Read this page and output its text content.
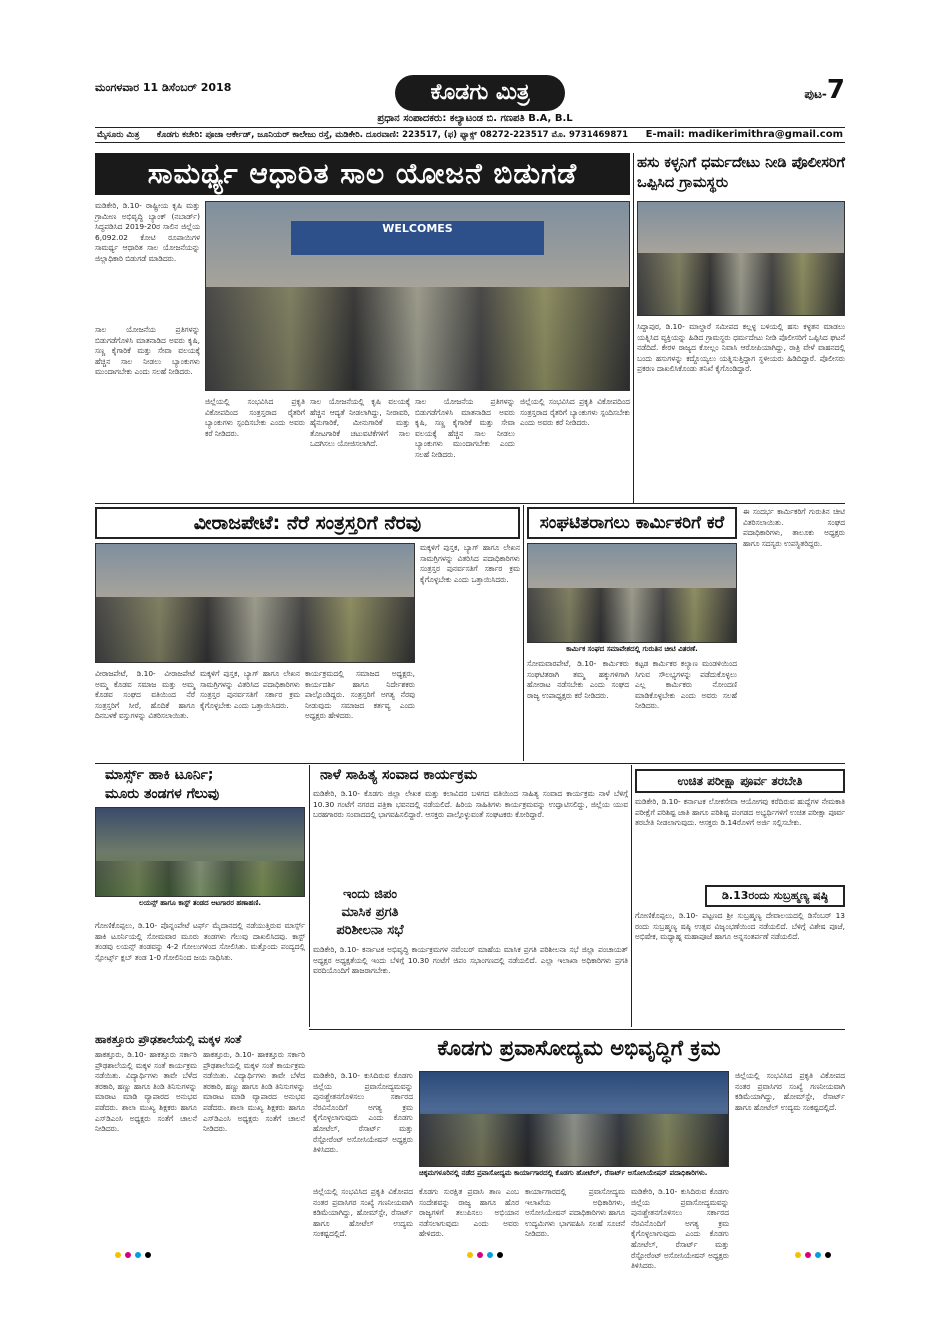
ಮಂಗಳವಾರ 11 ಡಿಸೆಂಬರ್ 2018	ಕೊಡಗು ಮಿತ್ರ
ಪ್ರಧಾನ ಸಂಪಾದಕರು: ಕಲ್ಯಾಟಂಡ ಬಿ. ಗಣಪತಿ B.A, B.L
ಪುಟ-7
ಮೈಸೂರು ಮಿತ್ರ ಕೊಡಗು ಕಚೇರಿ: ಪೂಜಾ ಆರ್ಕೇಡ್, ಜೂನಿಯರ್ ಕಾಲೇಜು ರಸ್ತೆ, ಮಡಿಕೇರಿ. ದೂರವಾಣಿ: 223517, (ಫ) ಫ್ಯಾಕ್ಸ್ 08272-223517 ಮೊ. 9731469871 E-mail: madikerimithra@gmail.com
ಸಾಮರ್ಥ್ಯ ಆಧಾರಿತ ಸಾಲ ಯೋಜನೆ ಬಿಡುಗಡೆ	ಹಸು ಕಳ್ಳನಿಗೆ ಧರ್ಮದೇಟು ನೀಡಿ ಪೊಲೀಸರಿಗೆ ಒಪ್ಪಿಸಿದ ಗ್ರಾಮಸ್ಥರು
ಮಡಿಕೇರಿ, ಡಿ.10- ರಾಷ್ಟ್ರೀಯ ಕೃಷಿ ಮತ್ತು ಗ್ರಾಮೀಣ ಅಭಿವೃದ್ಧಿ ಬ್ಯಾಂಕ್ (ನಬಾರ್ಡ್) ಸಿದ್ಧಪಡಿಸಿದ 2019-20ರ ಸಾಲಿನ ಜಿಲ್ಲೆಯ 6,092.02 ಕೋಟಿ ರೂಪಾಯಿಗಳ ಸಾಮರ್ಥ್ಯ ಆಧಾರಿತ ಸಾಲ ಯೋಜನೆಯನ್ನು ಜಿಲ್ಲಾಧಿಕಾರಿ ಬಿಡುಗಡೆ ಮಾಡಿದರು.
ಸಾಲ ಯೋಜನೆಯ ಪ್ರತಿಗಳನ್ನು ಬಿಡುಗಡೆಗೊಳಿಸಿ ಮಾತನಾಡಿದ ಅವರು ಕೃಷಿ, ಸಣ್ಣ ಕೈಗಾರಿಕೆ ಮತ್ತು ಸೇವಾ ವಲಯಕ್ಕೆ ಹೆಚ್ಚಿನ ಸಾಲ ನೀಡಲು ಬ್ಯಾಂಕುಗಳು ಮುಂದಾಗಬೇಕು ಎಂದು ಸಲಹೆ ನೀಡಿದರು.
WELCOMES
ಜಿಲ್ಲೆಯಲ್ಲಿ ಸಂಭವಿಸಿದ ಪ್ರಕೃತಿ ವಿಕೋಪದಿಂದ ಸಂತ್ರಸ್ತರಾದ ರೈತರಿಗೆ ಬ್ಯಾಂಕುಗಳು ಸ್ಪಂದಿಸಬೇಕು ಎಂದು ಅವರು ಕರೆ ನೀಡಿದರು.
ಸಾಲ ಯೋಜನೆಯಲ್ಲಿ ಕೃಷಿ ವಲಯಕ್ಕೆ ಹೆಚ್ಚಿನ ಆದ್ಯತೆ ನೀಡಲಾಗಿದ್ದು, ನೀರಾವರಿ, ಹೈನುಗಾರಿಕೆ, ಮೀನುಗಾರಿಕೆ ಮತ್ತು ತೋಟಗಾರಿಕೆ ಚಟುವಟಿಕೆಗಳಿಗೆ ಸಾಲ ಒದಗಿಸಲು ಯೋಜಿಸಲಾಗಿದೆ.
ಸಾಲ ಯೋಜನೆಯ ಪ್ರತಿಗಳನ್ನು ಬಿಡುಗಡೆಗೊಳಿಸಿ ಮಾತನಾಡಿದ ಅವರು ಕೃಷಿ, ಸಣ್ಣ ಕೈಗಾರಿಕೆ ಮತ್ತು ಸೇವಾ ವಲಯಕ್ಕೆ ಹೆಚ್ಚಿನ ಸಾಲ ನೀಡಲು ಬ್ಯಾಂಕುಗಳು ಮುಂದಾಗಬೇಕು ಎಂದು ಸಲಹೆ ನೀಡಿದರು.
ಜಿಲ್ಲೆಯಲ್ಲಿ ಸಂಭವಿಸಿದ ಪ್ರಕೃತಿ ವಿಕೋಪದಿಂದ ಸಂತ್ರಸ್ತರಾದ ರೈತರಿಗೆ ಬ್ಯಾಂಕುಗಳು ಸ್ಪಂದಿಸಬೇಕು ಎಂದು ಅವರು ಕರೆ ನೀಡಿದರು.
ಸಿದ್ದಾಪುರ, ಡಿ.10- ಮಾಲ್ದಾರೆ ಸಮೀಪದ ಕಲ್ಲಳ್ಳ ಬಳಿಯಲ್ಲಿ ಹಸು ಕಳ್ಳತನ ಮಾಡಲು ಯತ್ನಿಸಿದ ವ್ಯಕ್ತಿಯನ್ನು ಹಿಡಿದ ಗ್ರಾಮಸ್ಥರು ಧರ್ಮದೇಟು ನೀಡಿ ಪೊಲೀಸರಿಗೆ ಒಪ್ಪಿಸಿದ ಘಟನೆ ನಡೆದಿದೆ. ಕೇರಳ ರಾಜ್ಯದ ಕೋಲ್ಲಂ ನಿವಾಸಿ ಆರೋಪಿಯಾಗಿದ್ದು, ರಾತ್ರಿ ವೇಳೆ ವಾಹನದಲ್ಲಿ ಬಂದು ಹಸುಗಳನ್ನು ಕದ್ದೊಯ್ಯಲು ಯತ್ನಿಸುತ್ತಿದ್ದಾಗ ಸ್ಥಳೀಯರು ಹಿಡಿದಿದ್ದಾರೆ. ಪೊಲೀಸರು ಪ್ರಕರಣ ದಾಖಲಿಸಿಕೊಂಡು ತನಿಖೆ ಕೈಗೊಂಡಿದ್ದಾರೆ.
ವೀರಾಜಪೇಟೆ: ನೆರೆ ಸಂತ್ರಸ್ತರಿಗೆ ನೆರವು
ವೀರಾಜಪೇಟೆ, ಡಿ.10- ವೀರಾಜಪೇಟೆ ಅಮ್ಮ ಕೊಡವ ಸಮಾಜ ಮತ್ತು ಅಮ್ಮ ಕೊಡವ ಸಂಘದ ವತಿಯಿಂದ ನೆರೆ ಸಂತ್ರಸ್ತರಿಗೆ ಸೀರೆ, ಹೊದಿಕೆ ಹಾಗೂ ದಿನಬಳಕೆ ವಸ್ತುಗಳನ್ನು ವಿತರಿಸಲಾಯಿತು.
ಮಕ್ಕಳಿಗೆ ಪುಸ್ತಕ, ಬ್ಯಾಗ್ ಹಾಗೂ ಲೇಖನ ಸಾಮಗ್ರಿಗಳನ್ನು ವಿತರಿಸಿದ ಪದಾಧಿಕಾರಿಗಳು ಸಂತ್ರಸ್ತರ ಪುನರ್ವಸತಿಗೆ ಸರ್ಕಾರ ಕ್ರಮ ಕೈಗೊಳ್ಳಬೇಕು ಎಂದು ಒತ್ತಾಯಿಸಿದರು.
ಕಾರ್ಯಕ್ರಮದಲ್ಲಿ ಸಮಾಜದ ಅಧ್ಯಕ್ಷರು, ಕಾರ್ಯದರ್ಶಿ ಹಾಗೂ ನಿರ್ದೇಶಕರು ಪಾಲ್ಗೊಂಡಿದ್ದರು. ಸಂತ್ರಸ್ತರಿಗೆ ಅಗತ್ಯ ನೆರವು ನೀಡುವುದು ಸಮಾಜದ ಕರ್ತವ್ಯ ಎಂದು ಅಧ್ಯಕ್ಷರು ಹೇಳಿದರು.
ಮಕ್ಕಳಿಗೆ ಪುಸ್ತಕ, ಬ್ಯಾಗ್ ಹಾಗೂ ಲೇಖನ ಸಾಮಗ್ರಿಗಳನ್ನು ವಿತರಿಸಿದ ಪದಾಧಿಕಾರಿಗಳು ಸಂತ್ರಸ್ತರ ಪುನರ್ವಸತಿಗೆ ಸರ್ಕಾರ ಕ್ರಮ ಕೈಗೊಳ್ಳಬೇಕು ಎಂದು ಒತ್ತಾಯಿಸಿದರು.
ಸಂಘಟಿತರಾಗಲು ಕಾರ್ಮಿಕರಿಗೆ ಕರೆ
ಕಾರ್ಮಿಕ ಸಂಘದ ಸಮಾವೇಶದಲ್ಲಿ ಗುರುತಿನ ಚೀಟಿ ವಿತರಣೆ.
ಸೋಮವಾರಪೇಟೆ, ಡಿ.10- ಕಾರ್ಮಿಕರು ಸಂಘಟಿತರಾಗಿ ತಮ್ಮ ಹಕ್ಕುಗಳಿಗಾಗಿ ಹೋರಾಟ ನಡೆಸಬೇಕು ಎಂದು ಸಂಘದ ರಾಜ್ಯ ಉಪಾಧ್ಯಕ್ಷರು ಕರೆ ನೀಡಿದರು.
ಕಟ್ಟಡ ಕಾರ್ಮಿಕರ ಕಲ್ಯಾಣ ಮಂಡಳಿಯಿಂದ ಸಿಗುವ ಸೌಲಭ್ಯಗಳನ್ನು ಪಡೆದುಕೊಳ್ಳಲು ಎಲ್ಲ ಕಾರ್ಮಿಕರು ನೋಂದಣಿ ಮಾಡಿಕೊಳ್ಳಬೇಕು ಎಂದು ಅವರು ಸಲಹೆ ನೀಡಿದರು.
ಈ ಸಂದರ್ಭ ಕಾರ್ಮಿಕರಿಗೆ ಗುರುತಿನ ಚೀಟಿ ವಿತರಿಸಲಾಯಿತು. ಸಂಘದ ಪದಾಧಿಕಾರಿಗಳು, ತಾಲೂಕು ಅಧ್ಯಕ್ಷರು ಹಾಗೂ ಸದಸ್ಯರು ಉಪಸ್ಥಿತರಿದ್ದರು.
ಮಾರ್ಸ್ಸ್ ಹಾಕಿ ಟೂರ್ನಿ;
ಮೂರು ತಂಡಗಳ ಗೆಲುವು
ಲಯನ್ಸ್ ಹಾಗೂ ಕಾಸ್ಟ್ ತಂಡದ ಆಟಗಾರರ ಹಣಾಹಣಿ.
ಗೋಣಿಕೊಪ್ಪಲು, ಡಿ.10- ಪೊನ್ನಂಪೇಟೆ ಟರ್ಫ್ ಮೈದಾನದಲ್ಲಿ ನಡೆಯುತ್ತಿರುವ ಮಾರ್ಸ್ಸ್ ಹಾಕಿ ಟೂರ್ನಿಯಲ್ಲಿ ಸೋಮವಾರ ಮೂರು ತಂಡಗಳು ಗೆಲುವು ದಾಖಲಿಸಿದವು. ಕಾಸ್ಟ್ ತಂಡವು ಲಯನ್ಸ್ ತಂಡವನ್ನು 4-2 ಗೋಲುಗಳಿಂದ ಸೋಲಿಸಿತು. ಮತ್ತೊಂದು ಪಂದ್ಯದಲ್ಲಿ ಸ್ಪೋರ್ಟ್ಸ್ ಕ್ಲಬ್ ತಂಡ 1-0 ಗೋಲಿನಿಂದ ಜಯ ಸಾಧಿಸಿತು.
ಹಾಕತ್ತೂರು ಪ್ರೌಢಶಾಲೆಯಲ್ಲಿ ಮಕ್ಕಳ ಸಂತೆ
ಹಾಕತ್ತೂರು, ಡಿ.10- ಹಾಕತ್ತೂರು ಸರ್ಕಾರಿ ಪ್ರೌಢಶಾಲೆಯಲ್ಲಿ ಮಕ್ಕಳ ಸಂತೆ ಕಾರ್ಯಕ್ರಮ ನಡೆಯಿತು. ವಿದ್ಯಾರ್ಥಿಗಳು ತಾವೇ ಬೆಳೆದ ತರಕಾರಿ, ಹಣ್ಣು ಹಾಗೂ ತಿಂಡಿ ತಿನಿಸುಗಳನ್ನು ಮಾರಾಟ ಮಾಡಿ ವ್ಯಾಪಾರದ ಅನುಭವ ಪಡೆದರು. ಶಾಲಾ ಮುಖ್ಯ ಶಿಕ್ಷಕರು ಹಾಗೂ ಎಸ್‌ಡಿಎಂಸಿ ಅಧ್ಯಕ್ಷರು ಸಂತೆಗೆ ಚಾಲನೆ ನೀಡಿದರು.
ಹಾಕತ್ತೂರು, ಡಿ.10- ಹಾಕತ್ತೂರು ಸರ್ಕಾರಿ ಪ್ರೌಢಶಾಲೆಯಲ್ಲಿ ಮಕ್ಕಳ ಸಂತೆ ಕಾರ್ಯಕ್ರಮ ನಡೆಯಿತು. ವಿದ್ಯಾರ್ಥಿಗಳು ತಾವೇ ಬೆಳೆದ ತರಕಾರಿ, ಹಣ್ಣು ಹಾಗೂ ತಿಂಡಿ ತಿನಿಸುಗಳನ್ನು ಮಾರಾಟ ಮಾಡಿ ವ್ಯಾಪಾರದ ಅನುಭವ ಪಡೆದರು. ಶಾಲಾ ಮುಖ್ಯ ಶಿಕ್ಷಕರು ಹಾಗೂ ಎಸ್‌ಡಿಎಂಸಿ ಅಧ್ಯಕ್ಷರು ಸಂತೆಗೆ ಚಾಲನೆ ನೀಡಿದರು.
ನಾಳೆ ಸಾಹಿತ್ಯ ಸಂವಾದ ಕಾರ್ಯಕ್ರಮ
ಮಡಿಕೇರಿ, ಡಿ.10- ಕೊಡಗು ಜಿಲ್ಲಾ ಲೇಖಕ ಮತ್ತು ಕಲಾವಿದರ ಬಳಗದ ವತಿಯಿಂದ ಸಾಹಿತ್ಯ ಸಂವಾದ ಕಾರ್ಯಕ್ರಮ ನಾಳೆ ಬೆಳಿಗ್ಗೆ 10.30 ಗಂಟೆಗೆ ನಗರದ ಪತ್ರಿಕಾ ಭವನದಲ್ಲಿ ನಡೆಯಲಿದೆ. ಹಿರಿಯ ಸಾಹಿತಿಗಳು ಕಾರ್ಯಕ್ರಮವನ್ನು ಉದ್ಘಾಟಿಸಲಿದ್ದು, ಜಿಲ್ಲೆಯ ಯುವ ಬರಹಗಾರರು ಸಂವಾದದಲ್ಲಿ ಭಾಗವಹಿಸಲಿದ್ದಾರೆ. ಆಸಕ್ತರು ಪಾಲ್ಗೊಳ್ಳುವಂತೆ ಸಂಘಟಕರು ಕೋರಿದ್ದಾರೆ.
ಇಂದು ಜಿಪಂ
ಮಾಸಿಕ ಪ್ರಗತಿ
ಪರಿಶೀಲನಾ ಸಭೆ
ಮಡಿಕೇರಿ, ಡಿ.10- ಕರ್ನಾಟಕ ಅಭಿವೃದ್ಧಿ ಕಾರ್ಯಕ್ರಮಗಳ ನವೆಂಬರ್ ಮಾಹೆಯ ಮಾಸಿಕ ಪ್ರಗತಿ ಪರಿಶೀಲನಾ ಸಭೆ ಜಿಲ್ಲಾ ಪಂಚಾಯತ್ ಅಧ್ಯಕ್ಷರ ಅಧ್ಯಕ್ಷತೆಯಲ್ಲಿ ಇಂದು ಬೆಳಿಗ್ಗೆ 10.30 ಗಂಟೆಗೆ ಜಿಪಂ ಸಭಾಂಗಣದಲ್ಲಿ ನಡೆಯಲಿದೆ. ಎಲ್ಲಾ ಇಲಾಖಾ ಅಧಿಕಾರಿಗಳು ಪ್ರಗತಿ ವರದಿಯೊಂದಿಗೆ ಹಾಜರಾಗಬೇಕು.
ಉಚಿತ ಪರೀಕ್ಷಾ ಪೂರ್ವ ತರಬೇತಿ
ಮಡಿಕೇರಿ, ಡಿ.10- ಕರ್ನಾಟಕ ಲೋಕಸೇವಾ ಆಯೋಗವು ಕರೆದಿರುವ ಹುದ್ದೆಗಳ ನೇಮಕಾತಿ ಪರೀಕ್ಷೆಗೆ ಪರಿಶಿಷ್ಟ ಜಾತಿ ಹಾಗೂ ಪರಿಶಿಷ್ಟ ಪಂಗಡದ ಅಭ್ಯರ್ಥಿಗಳಿಗೆ ಉಚಿತ ಪರೀಕ್ಷಾ ಪೂರ್ವ ತರಬೇತಿ ನೀಡಲಾಗುವುದು. ಆಸಕ್ತರು ಡಿ.14ರೊಳಗೆ ಅರ್ಜಿ ಸಲ್ಲಿಸಬೇಕು.
ಡಿ.13ರಂದು ಸುಬ್ರಹ್ಮಣ್ಯ ಷಷ್ಠಿ
ಗೋಣಿಕೊಪ್ಪಲು, ಡಿ.10- ಪಟ್ಟಣದ ಶ್ರೀ ಸುಬ್ರಹ್ಮಣ್ಯ ದೇವಾಲಯದಲ್ಲಿ ಡಿಸೆಂಬರ್ 13 ರಂದು ಸುಬ್ರಹ್ಮಣ್ಯ ಷಷ್ಠಿ ಉತ್ಸವ ವಿಜೃಂಭಣೆಯಿಂದ ನಡೆಯಲಿದೆ. ಬೆಳಿಗ್ಗೆ ವಿಶೇಷ ಪೂಜೆ, ಅಭಿಷೇಕ, ಮಧ್ಯಾಹ್ನ ಮಹಾಪೂಜೆ ಹಾಗೂ ಅನ್ನಸಂತರ್ಪಣೆ ನಡೆಯಲಿದೆ.
ಕೊಡಗು ಪ್ರವಾಸೋದ್ಯಮ ಅಭಿವೃದ್ಧಿಗೆ ಕ್ರಮ
ಮಡಿಕೇರಿ, ಡಿ.10- ಕುಸಿದಿರುವ ಕೊಡಗು ಜಿಲ್ಲೆಯ ಪ್ರವಾಸೋದ್ಯಮವನ್ನು ಪುನಃಶ್ಚೇತನಗೊಳಿಸಲು ಸರ್ಕಾರದ ನೆರವಿನೊಂದಿಗೆ ಅಗತ್ಯ ಕ್ರಮ ಕೈಗೊಳ್ಳಲಾಗುವುದು ಎಂದು ಕೊಡಗು ಹೋಟೆಲ್, ರೆಸಾರ್ಟ್ ಮತ್ತು ರೆಸ್ಟೋರೆಂಟ್ ಅಸೋಸಿಯೇಷನ್ ಅಧ್ಯಕ್ಷರು ತಿಳಿಸಿದರು.
ಚಿಕ್ಕಮಗಳೂರಿನಲ್ಲಿ ನಡೆದ ಪ್ರವಾಸೋದ್ಯಮ ಕಾರ್ಯಾಗಾರದಲ್ಲಿ ಕೊಡಗು ಹೋಟೆಲ್, ರೆಸಾರ್ಟ್ ಅಸೋಸಿಯೇಷನ್ ಪದಾಧಿಕಾರಿಗಳು.
ಜಿಲ್ಲೆಯಲ್ಲಿ ಸಂಭವಿಸಿದ ಪ್ರಕೃತಿ ವಿಕೋಪದ ನಂತರ ಪ್ರವಾಸಿಗರ ಸಂಖ್ಯೆ ಗಣನೀಯವಾಗಿ ಕಡಿಮೆಯಾಗಿದ್ದು, ಹೋಮ್‌ಸ್ಟೇ, ರೆಸಾರ್ಟ್ ಹಾಗೂ ಹೋಟೆಲ್ ಉದ್ಯಮ ಸಂಕಷ್ಟದಲ್ಲಿದೆ.
ಕೊಡಗು ಸುರಕ್ಷಿತ ಪ್ರವಾಸಿ ತಾಣ ಎಂಬ ಸಂದೇಶವನ್ನು ರಾಜ್ಯ ಹಾಗೂ ಹೊರ ರಾಜ್ಯಗಳಿಗೆ ತಲುಪಿಸಲು ಅಭಿಯಾನ ನಡೆಸಲಾಗುವುದು ಎಂದು ಅವರು ಹೇಳಿದರು.
ಕಾರ್ಯಾಗಾರದಲ್ಲಿ ಪ್ರವಾಸೋದ್ಯಮ ಇಲಾಖೆಯ ಅಧಿಕಾರಿಗಳು, ಅಸೋಸಿಯೇಷನ್ ಪದಾಧಿಕಾರಿಗಳು ಹಾಗೂ ಉದ್ಯಮಿಗಳು ಭಾಗವಹಿಸಿ ಸಲಹೆ ಸೂಚನೆ ನೀಡಿದರು.
ಮಡಿಕೇರಿ, ಡಿ.10- ಕುಸಿದಿರುವ ಕೊಡಗು ಜಿಲ್ಲೆಯ ಪ್ರವಾಸೋದ್ಯಮವನ್ನು ಪುನಃಶ್ಚೇತನಗೊಳಿಸಲು ಸರ್ಕಾರದ ನೆರವಿನೊಂದಿಗೆ ಅಗತ್ಯ ಕ್ರಮ ಕೈಗೊಳ್ಳಲಾಗುವುದು ಎಂದು ಕೊಡಗು ಹೋಟೆಲ್, ರೆಸಾರ್ಟ್ ಮತ್ತು ರೆಸ್ಟೋರೆಂಟ್ ಅಸೋಸಿಯೇಷನ್ ಅಧ್ಯಕ್ಷರು ತಿಳಿಸಿದರು.
ಜಿಲ್ಲೆಯಲ್ಲಿ ಸಂಭವಿಸಿದ ಪ್ರಕೃತಿ ವಿಕೋಪದ ನಂತರ ಪ್ರವಾಸಿಗರ ಸಂಖ್ಯೆ ಗಣನೀಯವಾಗಿ ಕಡಿಮೆಯಾಗಿದ್ದು, ಹೋಮ್‌ಸ್ಟೇ, ರೆಸಾರ್ಟ್ ಹಾಗೂ ಹೋಟೆಲ್ ಉದ್ಯಮ ಸಂಕಷ್ಟದಲ್ಲಿದೆ.
